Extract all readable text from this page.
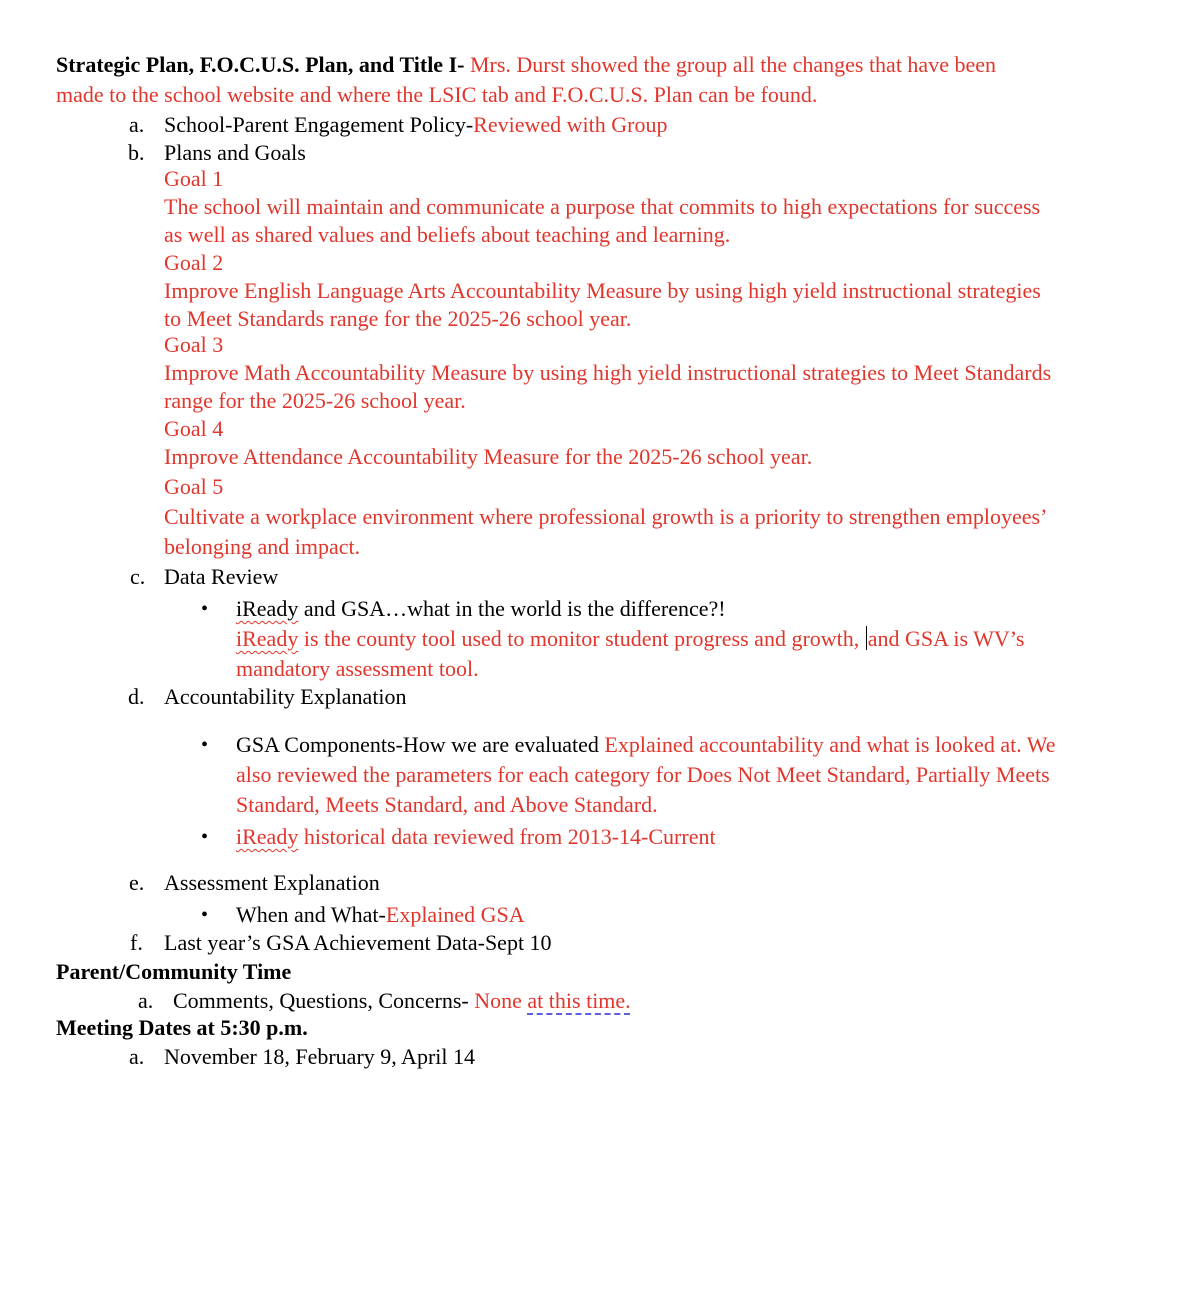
Strategic Plan, F.O.C.U.S. Plan, and Title I- Mrs. Durst showed the group all the changes that have been
made to the school website and where the LSIC tab and F.O.C.U.S. Plan can be found.
a. School-Parent Engagement Policy-Reviewed with Group
b. Plans and Goals
Goal 1
The school will maintain and communicate a purpose that commits to high expectations for success
as well as shared values and beliefs about teaching and learning.
Goal 2
Improve English Language Arts Accountability Measure by using high yield instructional strategies
to Meet Standards range for the 2025-26 school year.
Goal 3
Improve Math Accountability Measure by using high yield instructional strategies to Meet Standards
range for the 2025-26 school year.
Goal 4
Improve Attendance Accountability Measure for the 2025-26 school year.
Goal 5
Cultivate a workplace environment where professional growth is a priority to strengthen employees’
belonging and impact.
c. Data Review
• iReady and GSA…what in the world is the difference?!
iReady is the county tool used to monitor student progress and growth, and GSA is WV’s
mandatory assessment tool.
d. Accountability Explanation
• GSA Components-How we are evaluated Explained accountability and what is looked at. We
also reviewed the parameters for each category for Does Not Meet Standard, Partially Meets
Standard, Meets Standard, and Above Standard.
• iReady historical data reviewed from 2013-14-Current
e. Assessment Explanation
• When and What-Explained GSA
f. Last year’s GSA Achievement Data-Sept 10
Parent/Community Time
a. Comments, Questions, Concerns- None at this time.
Meeting Dates at 5:30 p.m.
a. November 18, February 9, April 14
